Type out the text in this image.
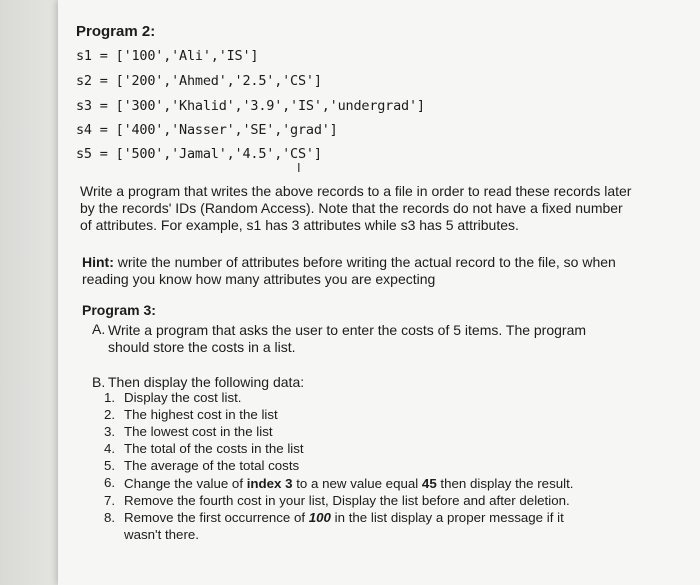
Program 2:
s1 = ['100','Ali','IS']
s2 = ['200','Ahmed','2.5','CS']
s3 = ['300','Khalid','3.9','IS','undergrad']
s4 = ['400','Nasser','SE','grad']
s5 = ['500','Jamal','4.5','CS']
I
Write a program that writes the above records to a file in order to read these records later
by the records' IDs (Random Access). Note that the records do not have a fixed number
of attributes. For example, s1 has 3 attributes while s3 has 5 attributes.
Hint: write the number of attributes before writing the actual record to the file, so when
reading you know how many attributes you are expecting
Program 3:
A. Write a program that asks the user to enter the costs of 5 items. The program
should store the costs in a list.
B. Then display the following data:
1. Display the cost list.
2. The highest cost in the list
3. The lowest cost in the list
4. The total of the costs in the list
5. The average of the total costs
6. Change the value of index 3 to a new value equal 45 then display the result.
7. Remove the fourth cost in your list, Display the list before and after deletion.
8. Remove the first occurrence of 100 in the list display a proper message if it
wasn't there.
